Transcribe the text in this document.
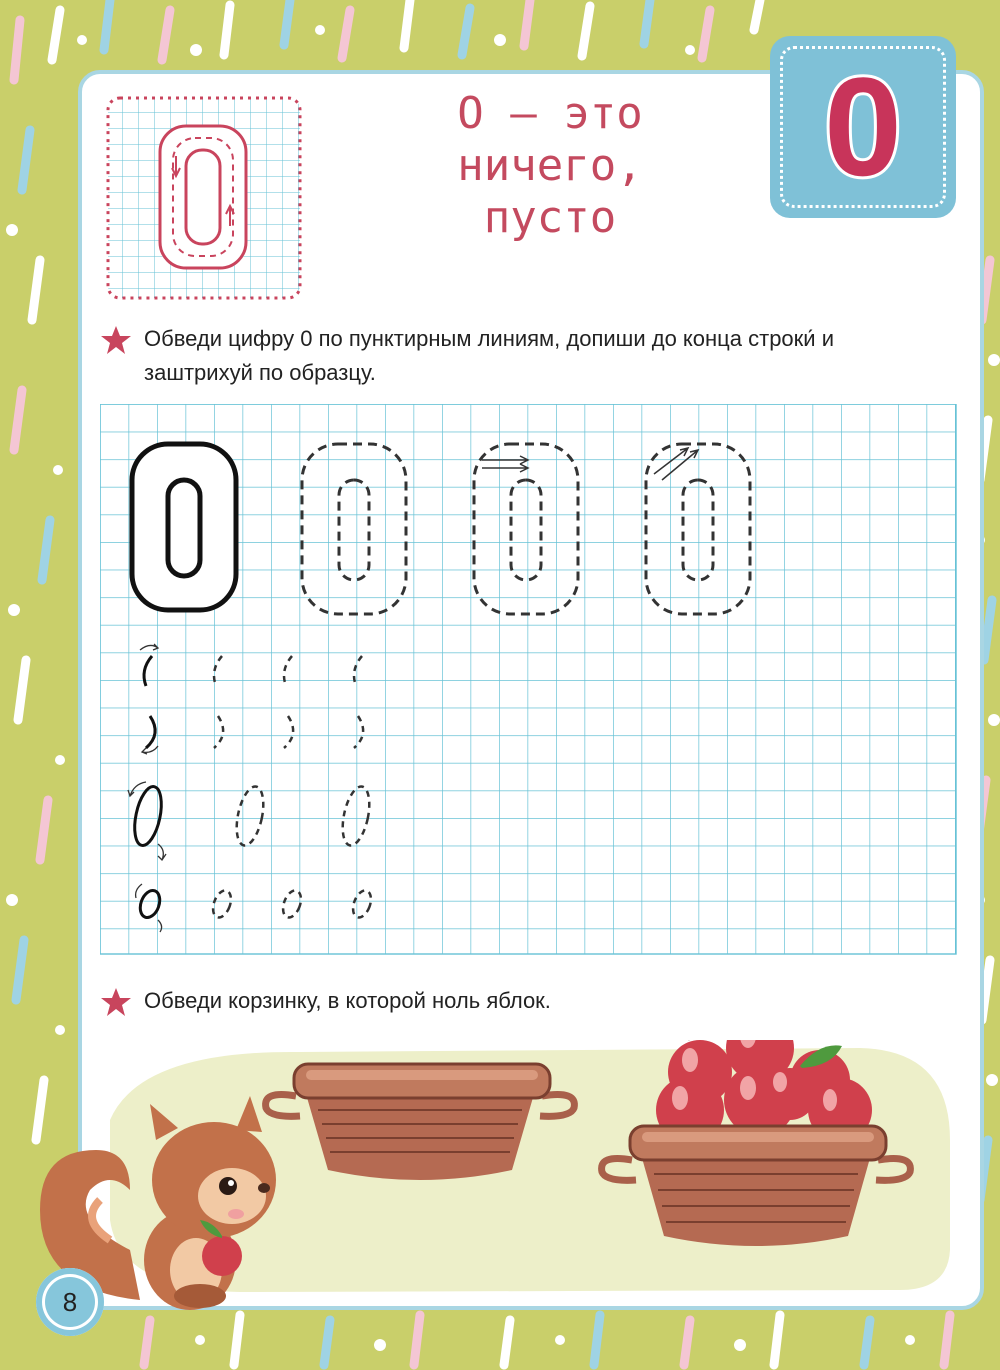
О – это
ничего,
пусто
0
Обведи цифру 0 по пунктирным линиям, допиши до конца строки́ и заштрихуй по образцу.
Обведи корзинку, в которой ноль яблок.
8
